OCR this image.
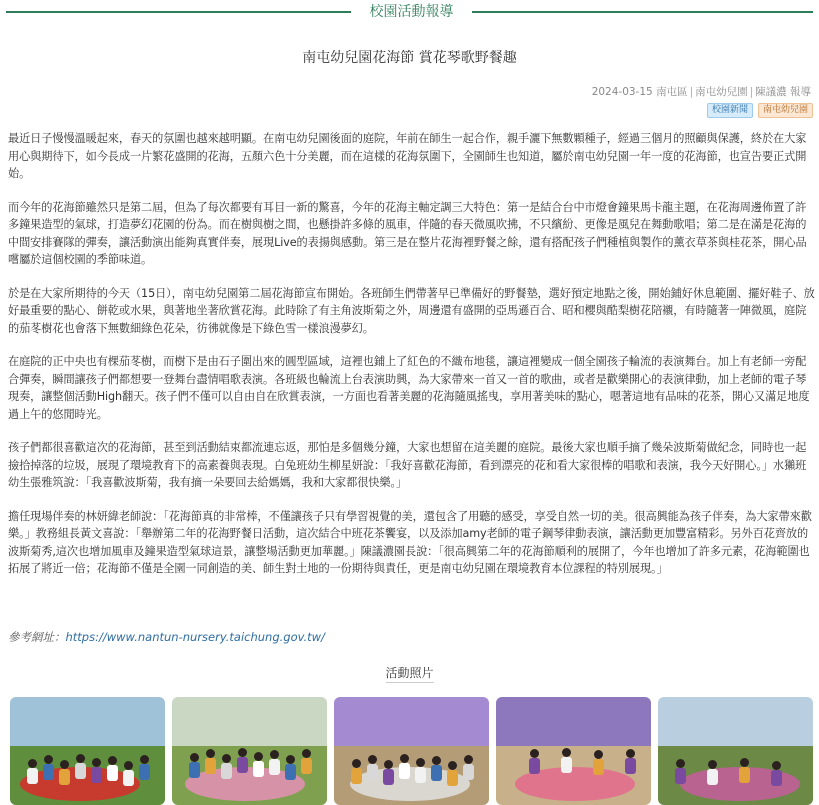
校園活動報導
南屯幼兒園花海節 賞花琴歌野餐趣
2024-03-15 南屯區 | 南屯幼兒園 | 陳議濃 報導
校園新聞	南屯幼兒園

最近日子慢慢溫暖起來，春天的氛圍也越來越明顯。在南屯幼兒園後面的庭院，年前在師生一起合作，親手灑下無數顆種子，經過三個月的照顧與保護，終於在大家用心與期待下，如今長成一片繁花盛開的花海，五顏六色十分美麗，而在這樣的花海氛圍下，全園師生也知道，屬於南屯幼兒園一年一度的花海節，也宣告要正式開始。

而今年的花海節雖然只是第二屆，但為了每次都要有耳目一新的驚喜，今年的花海主軸定調三大特色：第一是結合台中市燈會鐘果馬卡龍主題，在花海周邊佈置了許多鐘果造型的氣球，打造夢幻花園的份為。而在樹與樹之間，也懸掛許多條的風車，伴隨的春天微風吹拂，不只繽紛、更像是風兒在舞動歌唱；第二是在滿是花海的中間安排賽隊的彈奏，讓活動演出能夠真實伴奏，展現Live的表揚與感動。第三是在整片花海裡野餐之餘，還有搭配孩子們種植與製作的薰衣草茶與桂花茶，開心品嚐屬於這個校園的季節味道。

於是在大家所期待的今天（15日），南屯幼兒園第二屆花海節宣布開始。各班師生們帶著早已準備好的野餐墊，選好預定地點之後，開始鋪好休息範圍、擺好鞋子、放好最重要的點心、餅乾或水果，與著地坐著欣賞花海。此時除了有主角波斯菊之外，周邊還有盛開的亞馬遜百合、昭和櫻與酷梨樹花陪襯，有時隨著一陣微風，庭院的茄苳樹花也會落下無數細綠色花朵，彷彿就像是下綠色雪一樣浪漫夢幻。

在庭院的正中央也有棵茄苳樹，而樹下是由石子圍出來的圓型區域，這裡也鋪上了紅色的不織布地毯，讓這裡變成一個全園孩子輪流的表演舞台。加上有老師一旁配合彈奏，瞬間讓孩子們都想要一登舞台盡情唱歌表演。各班級也輪流上台表演助興，為大家帶來一首又一首的歌曲，或者是歡樂開心的表演律動，加上老師的電子琴現奏，讓整個活動High翻天。孩子們不僅可以自由自在欣賞表演，一方面也看著美麗的花海隨風搖曳，享用著美味的點心，嗯著這地有品味的花茶，開心又滿足地度過上午的悠閒時光。

孩子們都很喜歡這次的花海節，甚至到活動結束都流連忘返，那怕是多個幾分鐘，大家也想留在這美麗的庭院。最後大家也順手摘了幾朵波斯菊做紀念，同時也一起撿拾掉落的垃圾，展現了環境教育下的高素養與表現。白兔班幼生柳星妍說：「我好喜歡花海節，看到漂亮的花和看大家很棒的唱歌和表演，我今天好開心。」水獺班幼生張雅筑說：「我喜歡波斯菊，我有摘一朵要回去給媽媽，我和大家都很快樂。」

擔任現場伴奏的林妍緯老師說：「花海節真的非常棒，不僅讓孩子只有學習視覺的美，還包含了用聽的感受，享受自然一切的美。很高興能為孩子伴奏，為大家帶來歡樂。」教務組長黃文喜說：「舉辦第二年的花海野餐日活動，這次結合中班花茶饗宴，以及添加amy老師的電子鋼琴律動表演，讓活動更加豐富精彩。另外百花齊放的波斯菊秀,這次也增加風車及鐘果造型氣球這景，讓整場活動更加華麗。」陳議濃園長說：「很高興第二年的花海節順利的展開了，今年也增加了許多元素，花海範圍也拓展了將近一倍；花海節不僅是全園一同創造的美、師生對土地的一份期待與責任，更是南屯幼兒園在環境教育本位課程的特別展現。」

參考網址：https://www.nantun-nursery.taichung.gov.tw/
活動照片
